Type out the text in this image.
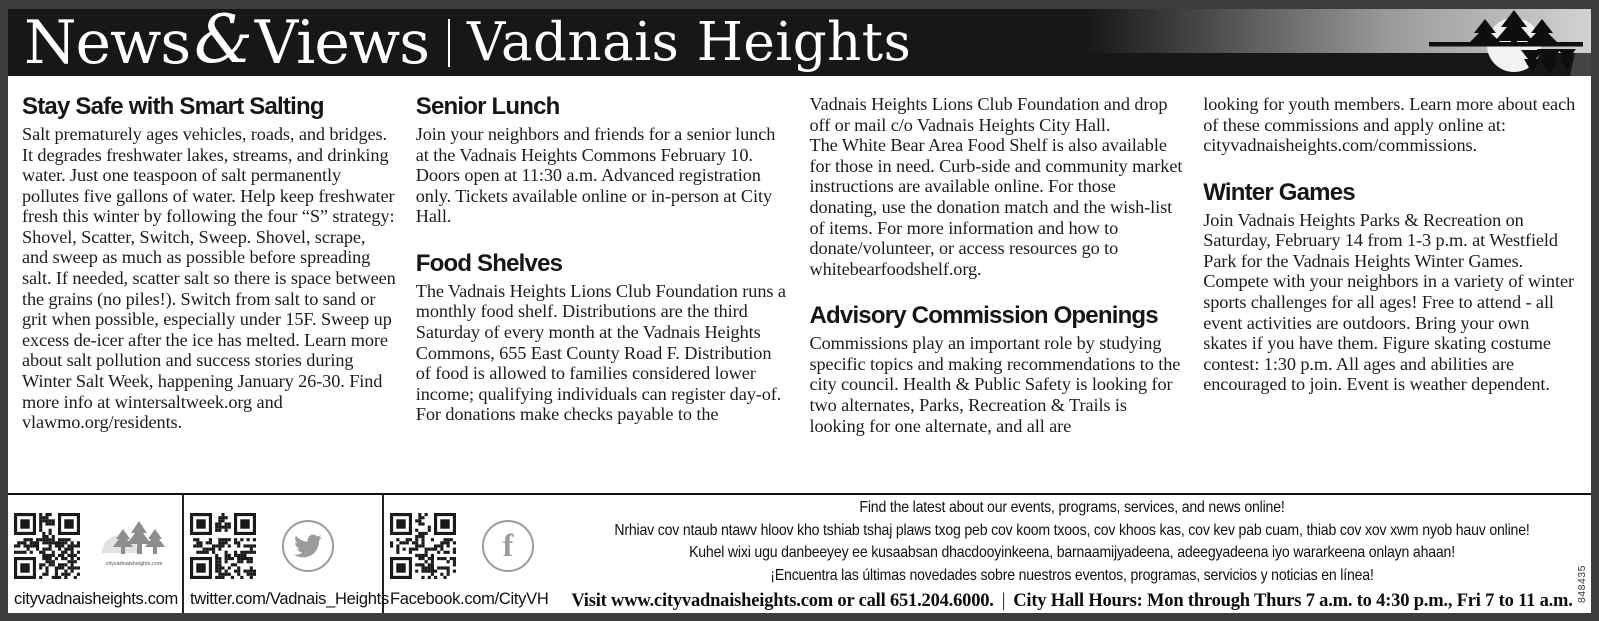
News & Views Vadnais Heights
Stay Safe with Smart Salting

Salt prematurely ages vehicles, roads, and bridges. It degrades freshwater lakes, streams, and drinking water. Just one teaspoon of salt permanently pollutes five gallons of water. Help keep freshwater fresh this winter by following the four “S” strategy: Shovel, Scatter, Switch, Sweep. Shovel, scrape, and sweep as much as possible before spreading salt. If needed, scatter salt so there is space between the grains (no piles!). Switch from salt to sand or grit when possible, especially under 15F. Sweep up excess de-icer after the ice has melted. Learn more about salt pollution and success stories during Winter Salt Week, happening January 26-30. Find more info at wintersaltweek.org and vlawmo.org/residents.

Senior Lunch

Join your neighbors and friends for a senior lunch at the Vadnais Heights Commons February 10. Doors open at 11:30 a.m. Advanced registration only. Tickets available online or in-person at City Hall.

Food Shelves

The Vadnais Heights Lions Club Foundation runs a monthly food shelf. Distributions are the third Saturday of every month at the Vadnais Heights Commons, 655 East County Road F. Distribution of food is allowed to families considered lower income; qualifying individuals can register day-of. For donations make checks payable to the

Vadnais Heights Lions Club Foundation and drop off or mail c/o Vadnais Heights City Hall.

The White Bear Area Food Shelf is also available for those in need. Curb-side and community market instructions are available online. For those donating, use the donation match and the wish-list of items. For more information and how to donate/volunteer, or access resources go to whitebearfoodshelf.org.

Advisory Commission Openings

Commissions play an important role by studying specific topics and making recommendations to the city council. Health & Public Safety is looking for two alternates, Parks, Recreation & Trails is looking for one alternate, and all are

looking for youth members. Learn more about each of these commissions and apply online at: cityvadnaisheights.com/commissions.

Winter Games

Join Vadnais Heights Parks & Recreation on Saturday, February 14 from 1-3 p.m. at Westfield Park for the Vadnais Heights Winter Games. Compete with your neighbors in a variety of winter sports challenges for all ages! Free to attend - all event activities are outdoors. Bring your own skates if you have them. Figure skating costume contest: 1:30 p.m. All ages and abilities are encouraged to join. Event is weather dependent.

cityvadnaisheights.com
cityvadnaisheights.com twitter.com/Vadnais_Heights
f
Facebook.com/CityVH
Find the latest about our events, programs, services, and news online!
Nrhiav cov ntaub ntawv hloov kho tshiab tshaj plaws txog peb cov koom txoos, cov khoos kas, cov kev pab cuam, thiab cov xov xwm nyob hauv online!
Kuhel wixi ugu danbeeyey ee kusaabsan dhacdooyinkeena, barnaamijyadeena, adeegyadeena iyo wararkeena onlayn ahaan!
¡Encuentra las últimas novedades sobre nuestros eventos, programas, servicios y noticias en línea!
Visit www.cityvadnaisheights.com or call 651.204.6000. | City Hall Hours: Mon through Thurs 7 a.m. to 4:30 p.m., Fri 7 to 11 a.m. 848435
